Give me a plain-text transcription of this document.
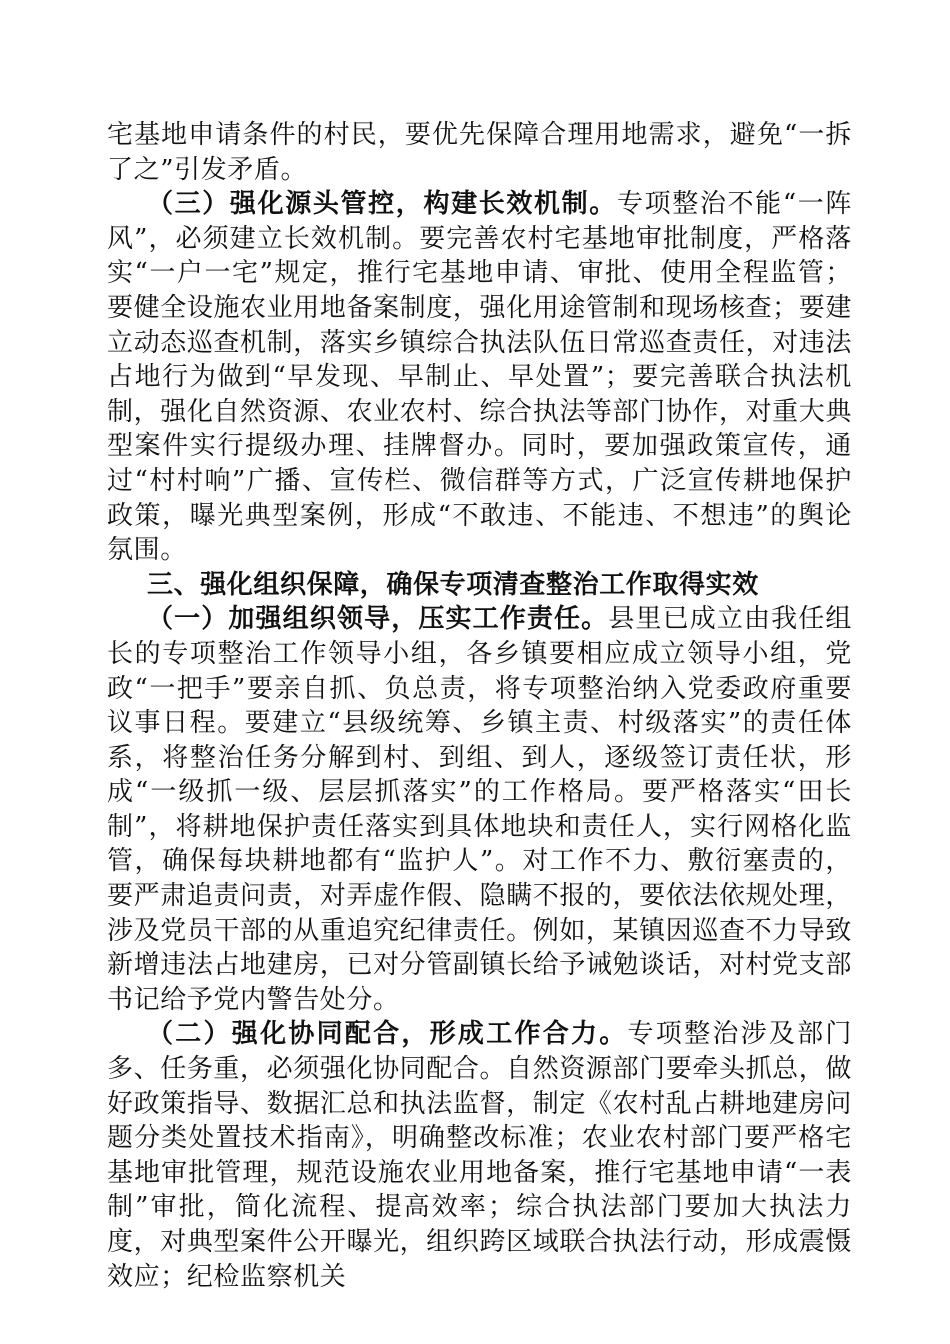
宅基地申请条件的村民，要优先保障合理用地需求，避免“一拆了之”引发矛盾。

（三）强化源头管控，构建长效机制。专项整治不能“一阵风”，必须建立长效机制。要完善农村宅基地审批制度，严格落实“一户一宅”规定，推行宅基地申请、审批、使用全程监管；要健全设施农业用地备案制度，强化用途管制和现场核查；要建立动态巡查机制，落实乡镇综合执法队伍日常巡查责任，对违法占地行为做到“早发现、早制止、早处置”；要完善联合执法机制，强化自然资源、农业农村、综合执法等部门协作，对重大典型案件实行提级办理、挂牌督办。同时，要加强政策宣传，通过“村村响”广播、宣传栏、微信群等方式，广泛宣传耕地保护政策，曝光典型案例，形成“不敢违、不能违、不想违”的舆论氛围。

三、强化组织保障，确保专项清查整治工作取得实效

（一）加强组织领导，压实工作责任。县里已成立由我任组长的专项整治工作领导小组，各乡镇要相应成立领导小组，党政“一把手”要亲自抓、负总责，将专项整治纳入党委政府重要议事日程。要建立“县级统筹、乡镇主责、村级落实”的责任体系，将整治任务分解到村、到组、到人，逐级签订责任状，形成“一级抓一级、层层抓落实”的工作格局。要严格落实“田长制”，将耕地保护责任落实到具体地块和责任人，实行网格化监管，确保每块耕地都有“监护人”。对工作不力、敷衍塞责的，要严肃追责问责，对弄虚作假、隐瞒不报的，要依法依规处理，涉及党员干部的从重追究纪律责任。例如，某镇因巡查不力导致新增违法占地建房，已对分管副镇长给予诫勉谈话，对村党支部书记给予党内警告处分。

（二）强化协同配合，形成工作合力。专项整治涉及部门多、任务重，必须强化协同配合。自然资源部门要牵头抓总，做好政策指导、数据汇总和执法监督，制定《农村乱占耕地建房问题分类处置技术指南》，明确整改标准；农业农村部门要严格宅基地审批管理，规范设施农业用地备案，推行宅基地申请“一表制”审批，简化流程、提高效率；综合执法部门要加大执法力度，对典型案件公开曝光，组织跨区域联合执法行动，形成震慑效应；纪检监察机关
